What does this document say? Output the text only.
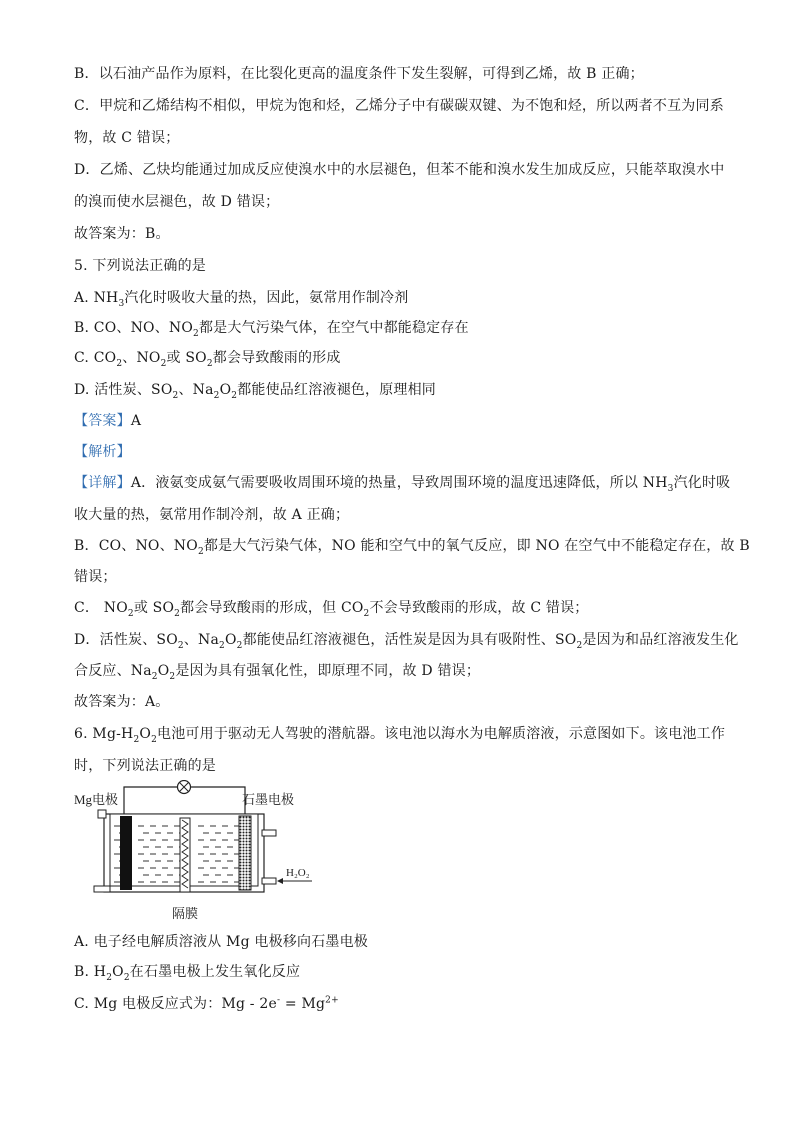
B．以石油产品作为原料，在比裂化更高的温度条件下发生裂解，可得到乙烯，故 B 正确；
C．甲烷和乙烯结构不相似，甲烷为饱和烃，乙烯分子中有碳碳双键、为不饱和烃，所以两者不互为同系
物，故 C 错误；
D．乙烯、乙炔均能通过加成反应使溴水中的水层褪色，但苯不能和溴水发生加成反应，只能萃取溴水中
的溴而使水层褪色，故 D 错误；
故答案为：B。
5. 下列说法正确的是
A. $NH_3$汽化时吸收大量的热，因此，氨常用作制冷剂
B. CO、NO、$NO_2$都是大气污染气体，在空气中都能稳定存在
C. $CO_2$、$NO_2$或 $SO_2$都会导致酸雨的形成
D. 活性炭、$SO_2$、$Na_2O_2$都能使品红溶液褪色，原理相同
【答案】A
【解析】
【详解】A．液氨变成氨气需要吸收周围环境的热量，导致周围环境的温度迅速降低，所以 $NH_3$汽化时吸
收大量的热，氨常用作制冷剂，故 A 正确；
B．CO、NO、$NO_2$都是大气污染气体，NO 能和空气中的氧气反应，即 NO 在空气中不能稳定存在，故 B
错误；
C． $NO_2$或 $SO_2$都会导致酸雨的形成，但 $CO_2$不会导致酸雨的形成，故 C 错误；
D．活性炭、$SO_2$、$Na_2O_2$都能使品红溶液褪色，活性炭是因为具有吸附性、$SO_2$是因为和品红溶液发生化
合反应、$Na_2O_2$是因为具有强氧化性，即原理不同，故 D 错误；
故答案为：A。
6. $Mg-H_2O_2$电池可用于驱动无人驾驶的潜航器。该电池以海水为电解质溶液，示意图如下。该电池工作
时，下列说法正确的是
A. 电子经电解质溶液从 Mg 电极移向石墨电极
B. $H_2O_2$在石墨电极上发生氧化反应
C. Mg 电极反应式为：$Mg - 2e^- = Mg^{2+}$
Mg电极	石墨电极
H₂O₂
隔膜
